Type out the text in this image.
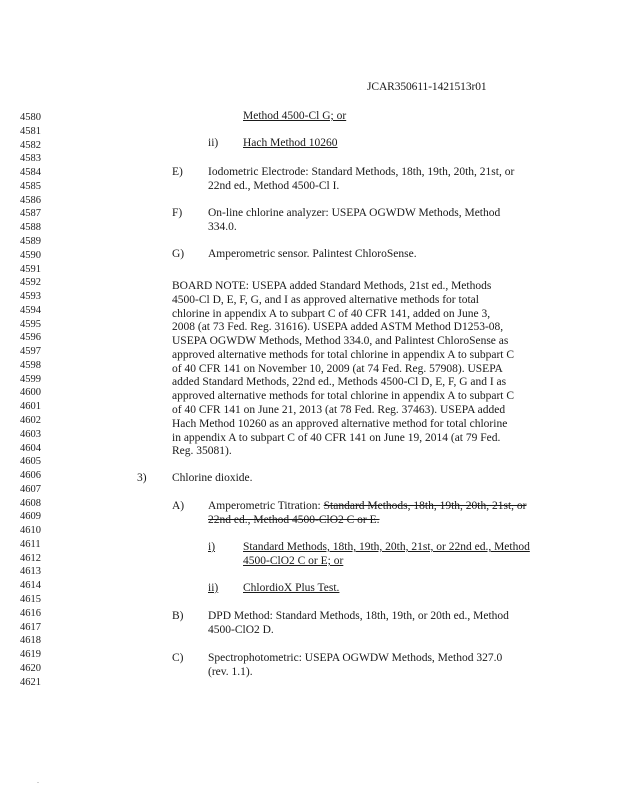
JCAR350611-1421513r01
4580
4581
4582
4583
4584
4585
4586
4587
4588
4589
4590
4591
4592
4593
4594
4595
4596
4597
4598
4599
4600
4601
4602
4603
4604
4605
4606
4607
4608
4609
4610
4611
4612
4613
4614
4615
4616
4617
4618
4619
4620
4621
Method 4500-Cl G; or
ii) Hach Method 10260
E) Iodometric Electrode: Standard Methods, 18th, 19th, 20th, 21st, or
22nd ed., Method 4500-Cl I.
F) On-line chlorine analyzer: USEPA OGWDW Methods, Method
334.0.
G) Amperometric sensor. Palintest ChloroSense.
BOARD NOTE: USEPA added Standard Methods, 21st ed., Methods
4500-Cl D, E, F, G, and I as approved alternative methods for total
chlorine in appendix A to subpart C of 40 CFR 141, added on June 3,
2008 (at 73 Fed. Reg. 31616). USEPA added ASTM Method D1253-08,
USEPA OGWDW Methods, Method 334.0, and Palintest ChloroSense as
approved alternative methods for total chlorine in appendix A to subpart C
of 40 CFR 141 on November 10, 2009 (at 74 Fed. Reg. 57908). USEPA
added Standard Methods, 22nd ed., Methods 4500-Cl D, E, F, G and I as
approved alternative methods for total chlorine in appendix A to subpart C
of 40 CFR 141 on June 21, 2013 (at 78 Fed. Reg. 37463). USEPA added
Hach Method 10260 as an approved alternative method for total chlorine
in appendix A to subpart C of 40 CFR 141 on June 19, 2014 (at 79 Fed.
Reg. 35081).
3) Chlorine dioxide.
A) Amperometric Titration: Standard Methods, 18th, 19th, 20th, 21st, or
22nd ed., Method 4500-ClO2 C or E.
i) Standard Methods, 18th, 19th, 20th, 21st, or 22nd ed., Method
4500-ClO2 C or E; or
ii) ChlordioX Plus Test.
B) DPD Method: Standard Methods, 18th, 19th, or 20th ed., Method
4500-ClO2 D.
C) Spectrophotometric: USEPA OGWDW Methods, Method 327.0
(rev. 1.1).
.
